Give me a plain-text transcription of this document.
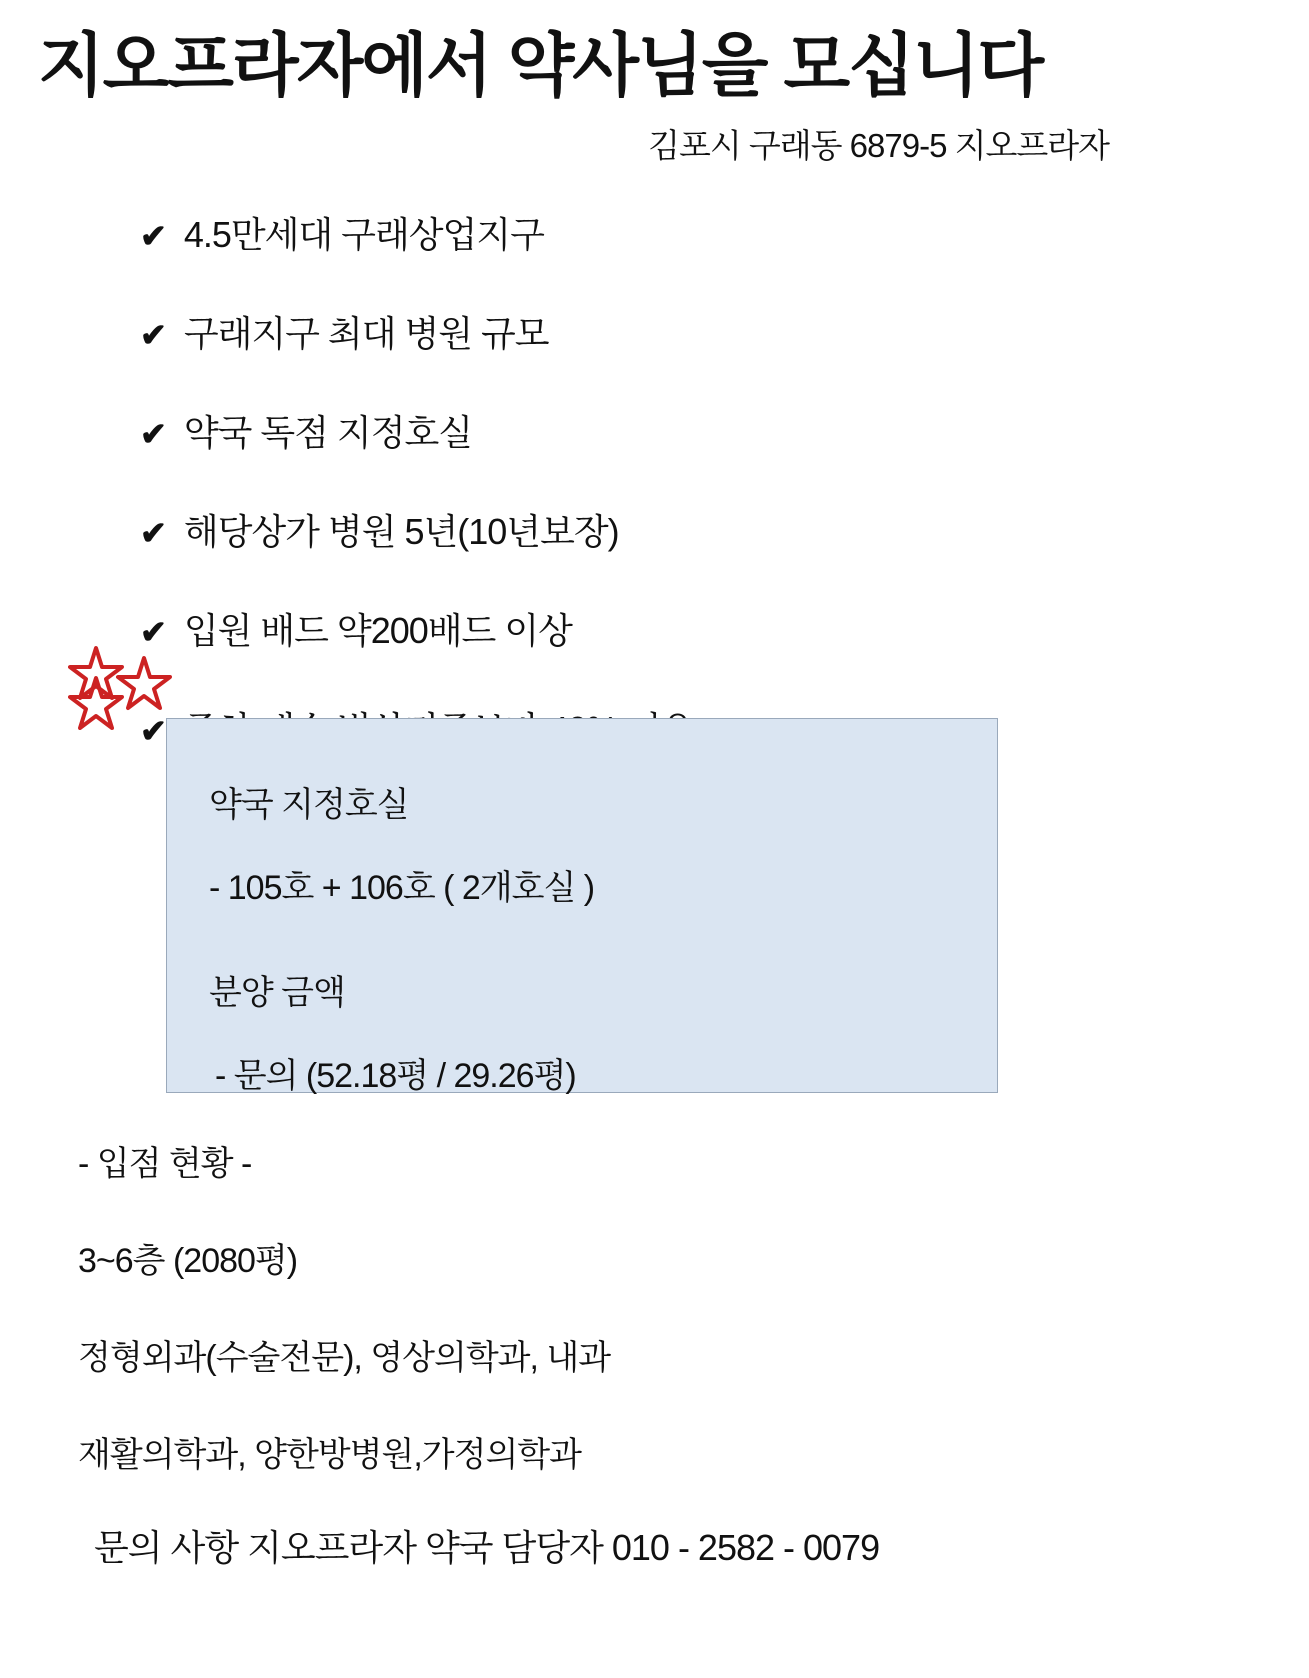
지오프라자에서 약사님을 모십니다
김포시 구래동 6879-5 지오프라자
✔ 4.5만세대 구래상업지구
✔ 구래지구 최대 병원 규모
✔ 약국 독점 지정호실
✔ 해당상가 병원 5년(10년보장)
✔ 입원 배드 약200배드 이상
✔
약국 지정호실
- 105호 + 106호 ( 2개호실 )
분양 금액
- 문의 (52.18평 / 29.26평)
- 입점 현황 -
3~6층 (2080평)
정형외과(수술전문), 영상의학과, 내과
재활의학과, 양한방병원,가정의학과
문의 사항 지오프라자 약국 담당자 010 - 2582 - 0079
